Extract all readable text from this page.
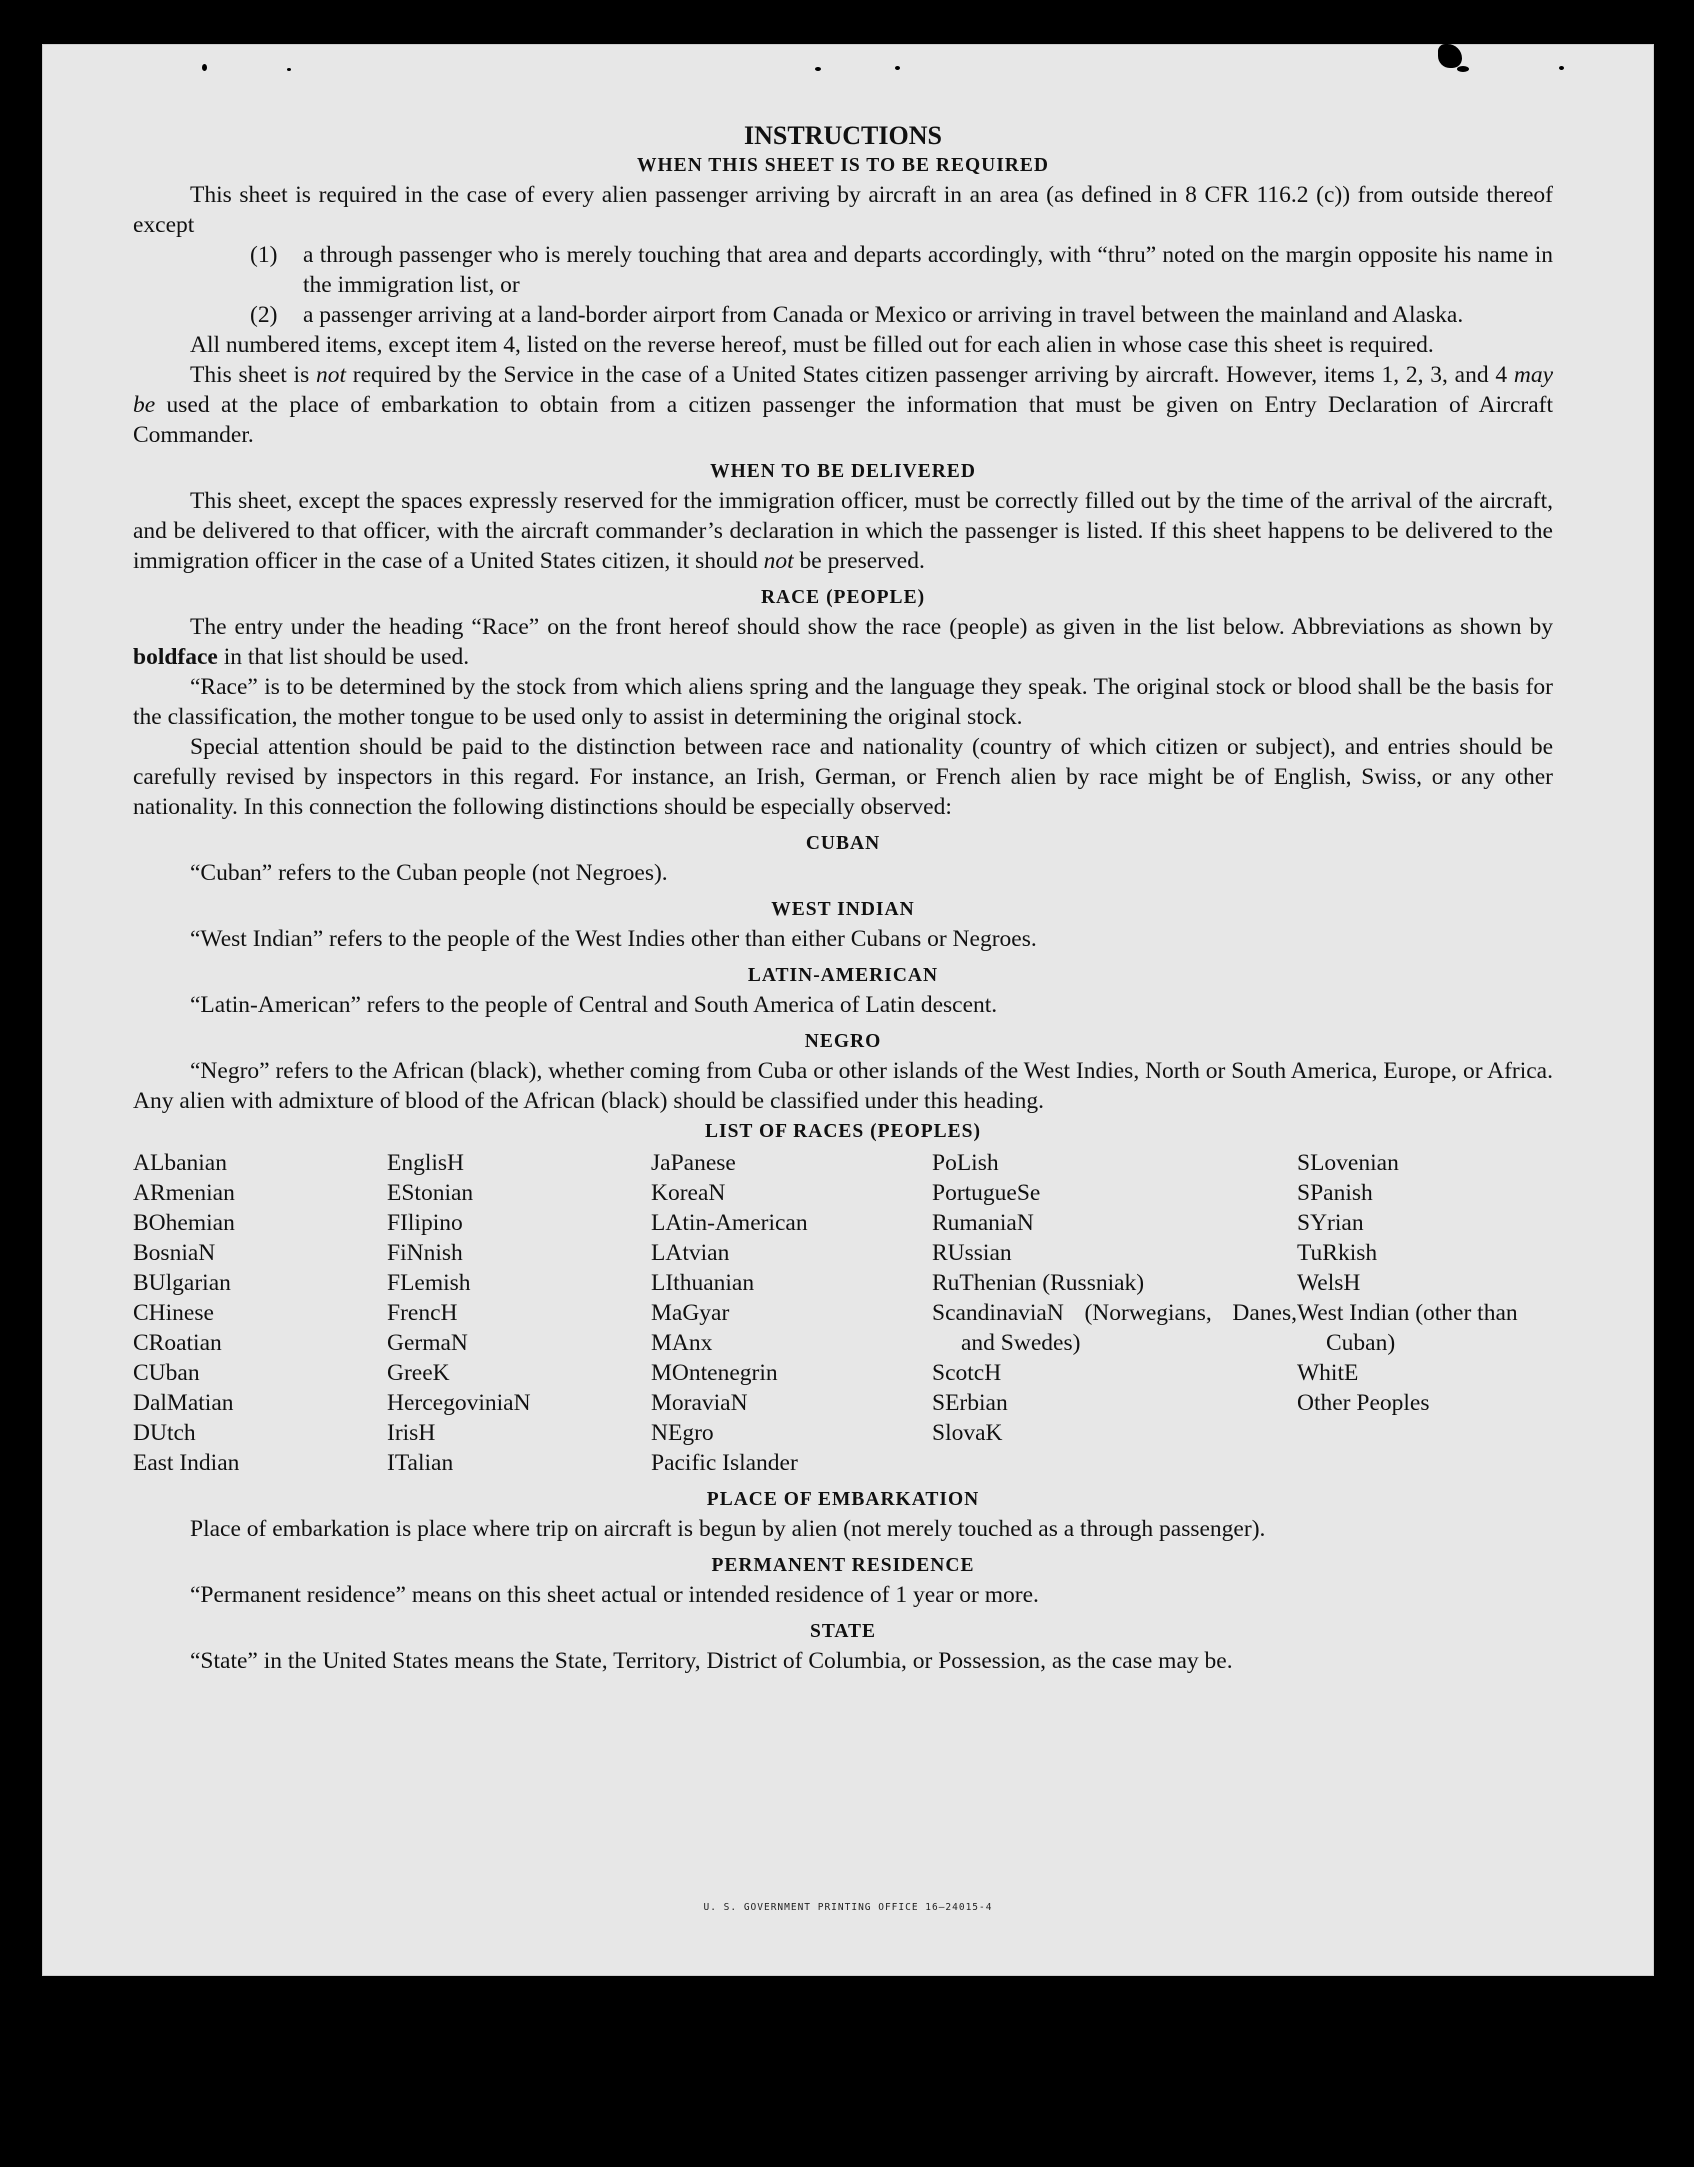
INSTRUCTIONS
WHEN THIS SHEET IS TO BE REQUIRED

This sheet is required in the case of every alien passenger arriving by aircraft in an area (as defined in 8 CFR 116.2 (c)) from outside thereof except

(1)	a through passenger who is merely touching that area and departs accordingly, with “thru” noted on the margin opposite his name in the immigration list, or
(2)	a passenger arriving at a land-border airport from Canada or Mexico or arriving in travel between the mainland and Alaska.

All numbered items, except item 4, listed on the reverse hereof, must be filled out for each alien in whose case this sheet is required.

This sheet is not required by the Service in the case of a United States citizen passenger arriving by aircraft. However, items 1, 2, 3, and 4 may be used at the place of embarkation to obtain from a citizen passenger the information that must be given on Entry Declaration of Aircraft Commander.

WHEN TO BE DELIVERED

This sheet, except the spaces expressly reserved for the immigration officer, must be correctly filled out by the time of the arrival of the aircraft, and be delivered to that officer, with the aircraft commander’s declaration in which the passenger is listed. If this sheet happens to be delivered to the immigration officer in the case of a United States citizen, it should not be preserved.

RACE (PEOPLE)

The entry under the heading “Race” on the front hereof should show the race (people) as given in the list below. Abbreviations as shown by boldface in that list should be used.

“Race” is to be determined by the stock from which aliens spring and the language they speak. The original stock or blood shall be the basis for the classification, the mother tongue to be used only to assist in determining the original stock.

Special attention should be paid to the distinction between race and nationality (country of which citizen or subject), and entries should be carefully revised by inspectors in this regard. For instance, an Irish, German, or French alien by race might be of English, Swiss, or any other nationality. In this connection the following distinctions should be especially observed:

CUBAN

“Cuban” refers to the Cuban people (not Negroes).

WEST INDIAN

“West Indian” refers to the people of the West Indies other than either Cubans or Negroes.

LATIN-AMERICAN

“Latin-American” refers to the people of Central and South America of Latin descent.

NEGRO

“Negro” refers to the African (black), whether coming from Cuba or other islands of the West Indies, North or South America, Europe, or Africa. Any alien with admixture of blood of the African (black) should be classified under this heading.

LIST OF RACES (PEOPLES)
ALbanian
ARmenian
BOhemian
BosniaN
BUlgarian
CHinese
CRoatian
CUban
DalMatian
DUtch
East Indian
EnglisH
EStonian
FIlipino
FiNnish
FLemish
FrencH
GermaN
GreeK
HercegoviniaN
IrisH
ITalian
JaPanese
KoreaN
LAtin-American
LAtvian
LIthuanian
MaGyar
MAnx
MOntenegrin
MoraviaN
NEgro
Pacific Islander
PoLish
PortugueSe
RumaniaN
RUssian
RuThenian (Russniak)
ScandinaviaN (Norwegians, Danes, and Swedes)
ScotcH
SErbian
SlovaK
SLovenian
SPanish
SYrian
TuRkish
WelsH
West Indian (other than Cuban)
WhitE
Other Peoples
PLACE OF EMBARKATION

Place of embarkation is place where trip on aircraft is begun by alien (not merely touched as a through passenger).

PERMANENT RESIDENCE

“Permanent residence” means on this sheet actual or intended residence of 1 year or more.

STATE

“State” in the United States means the State, Territory, District of Columbia, or Possession, as the case may be.

U. S. GOVERNMENT PRINTING OFFICE 16—24015-4
